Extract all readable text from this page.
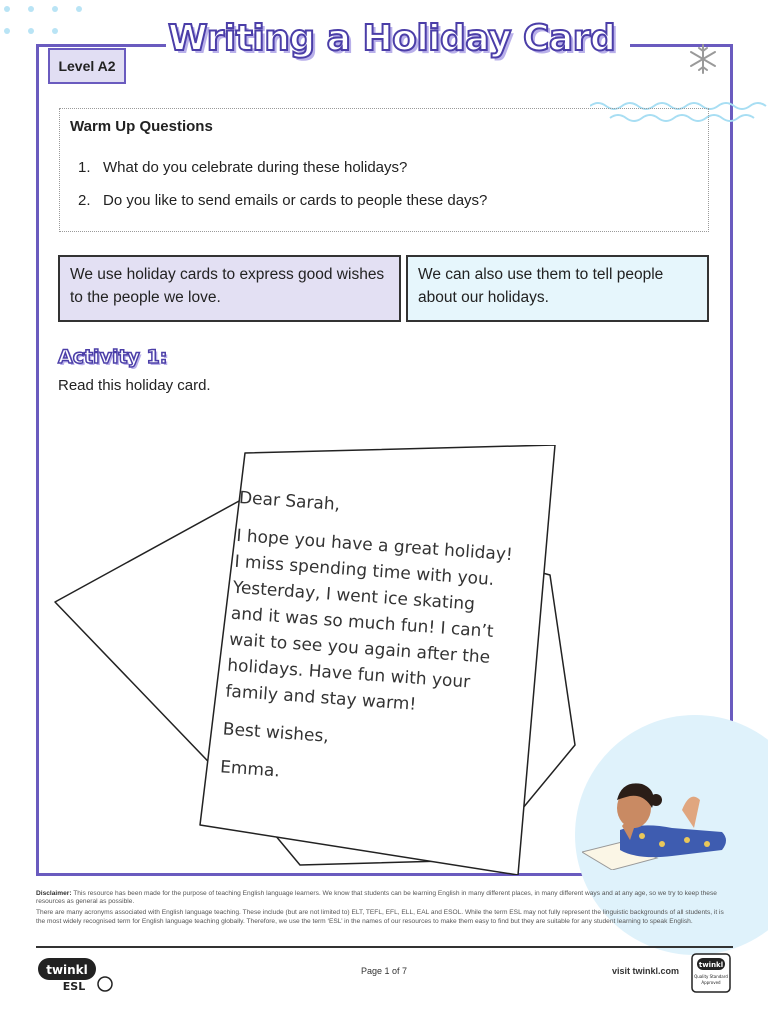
Writing a Holiday Card
Level A2
Warm Up Questions
1. What do you celebrate during these holidays?
2. Do you like to send emails or cards to people these days?
We use holiday cards to express good wishes to the people we love.
We can also use them to tell people about our holidays.
Activity 1:

Read this holiday card.

Dear Sarah,

I hope you have a great holiday! I miss spending time with you. Yesterday, I went ice skating and it was so much fun! I can’t wait to see you again after the holidays. Have fun with your family and stay warm!

Best wishes,

Emma.

Disclaimer: This resource has been made for the purpose of teaching English language learners. We know that students can be learning English in many different places, in many different ways and at any age, so we try to keep these resources as general as possible.

There are many acronyms associated with English language teaching. These include (but are not limited to) ELT, TEFL, EFL, ELL, EAL and ESOL. While the term ESL may not fully represent the linguistic backgrounds of all students, it is the most widely recognised term for English language teaching globally. Therefore, we use the term ‘ESL’ in the names of our resources to make them easy to find but they are suitable for any student learning to speak English.

twinkl
ESL
Page 1 of 7	visit twinkl.com
twinkl
Quality Standard
Approved
